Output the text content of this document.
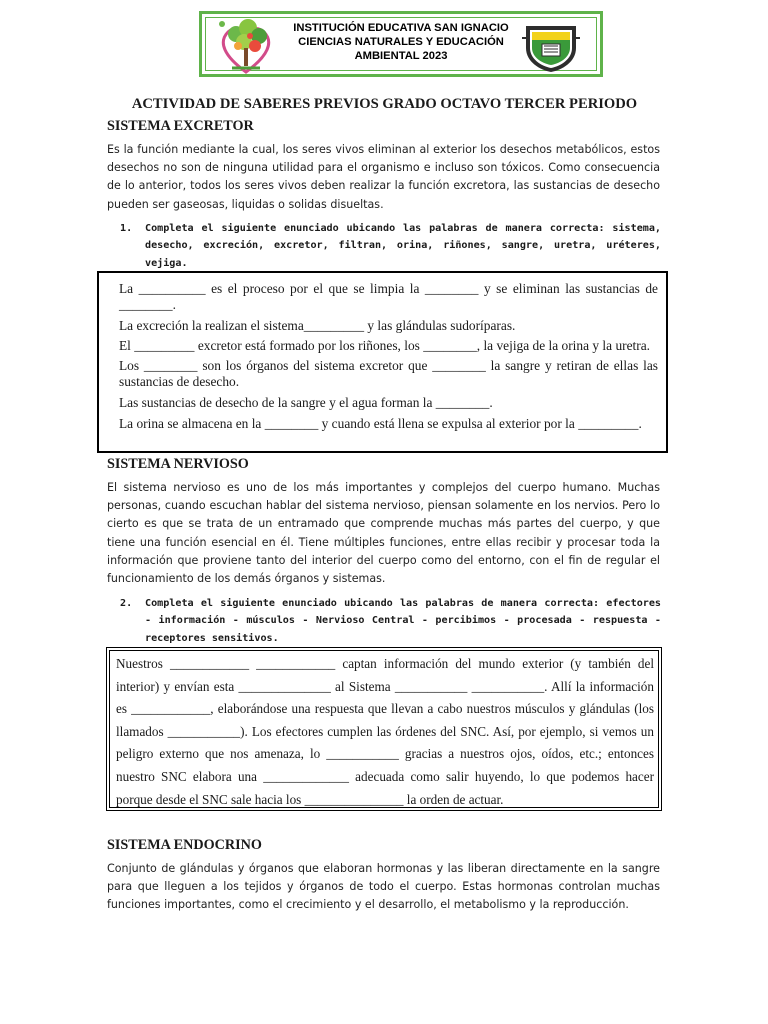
INSTITUCIÓN EDUCATIVA SAN IGNACIO
CIENCIAS NATURALES Y EDUCACIÓN
AMBIENTAL 2023
ACTIVIDAD DE SABERES PREVIOS GRADO OCTAVO TERCER PERIODO
SISTEMA EXCRETOR
Es la función mediante la cual, los seres vivos eliminan al exterior los desechos metabólicos, estos desechos no son de ninguna utilidad para el organismo e incluso son tóxicos. Como consecuencia de lo anterior, todos los seres vivos deben realizar la función excretora, las sustancias de desecho pueden ser gaseosas, liquidas o solidas disueltas.
1.	Completa el siguiente enunciado ubicando las palabras de manera correcta: sistema, desecho, excreción, excretor, filtran, orina, riñones, sangre, uretra, uréteres, vejiga.

La __________ es el proceso por el que se limpia la ________ y se eliminan las sustancias de ________.

La excreción la realizan el sistema_________ y las glándulas sudoríparas.

El _________ excretor está formado por los riñones, los ________, la vejiga de la orina y la uretra.

Los ________ son los órganos del sistema excretor que ________ la sangre y retiran de ellas las sustancias de desecho.

Las sustancias de desecho de la sangre y el agua forman la ________.

La orina se almacena en la ________ y cuando está llena se expulsa al exterior por la _________.

SISTEMA NERVIOSO
El sistema nervioso es uno de los más importantes y complejos del cuerpo humano. Muchas personas, cuando escuchan hablar del sistema nervioso, piensan solamente en los nervios. Pero lo cierto es que se trata de un entramado que comprende muchas más partes del cuerpo, y que tiene una función esencial en él. Tiene múltiples funciones, entre ellas recibir y procesar toda la información que proviene tanto del interior del cuerpo como del entorno, con el fin de regular el funcionamiento de los demás órganos y sistemas.
2.	Completa el siguiente enunciado ubicando las palabras de manera correcta: efectores - información - músculos - Nervioso Central - percibimos - procesada - respuesta - receptores sensitivos.
Nuestros ____________ ____________ captan información del mundo exterior (y también del interior) y envían esta ______________ al Sistema ___________ ___________. Allí la información es ____________, elaborándose una respuesta que llevan a cabo nuestros músculos y glándulas (los llamados ___________). Los efectores cumplen las órdenes del SNC. Así, por ejemplo, si vemos un peligro externo que nos amenaza, lo ___________ gracias a nuestros ojos, oídos, etc.; entonces nuestro SNC elabora una _____________ adecuada como salir huyendo, lo que podemos hacer porque desde el SNC sale hacia los _______________ la orden de actuar.
SISTEMA ENDOCRINO
Conjunto de glándulas y órganos que elaboran hormonas y las liberan directamente en la sangre para que lleguen a los tejidos y órganos de todo el cuerpo. Estas hormonas controlan muchas funciones importantes, como el crecimiento y el desarrollo, el metabolismo y la reproducción.
